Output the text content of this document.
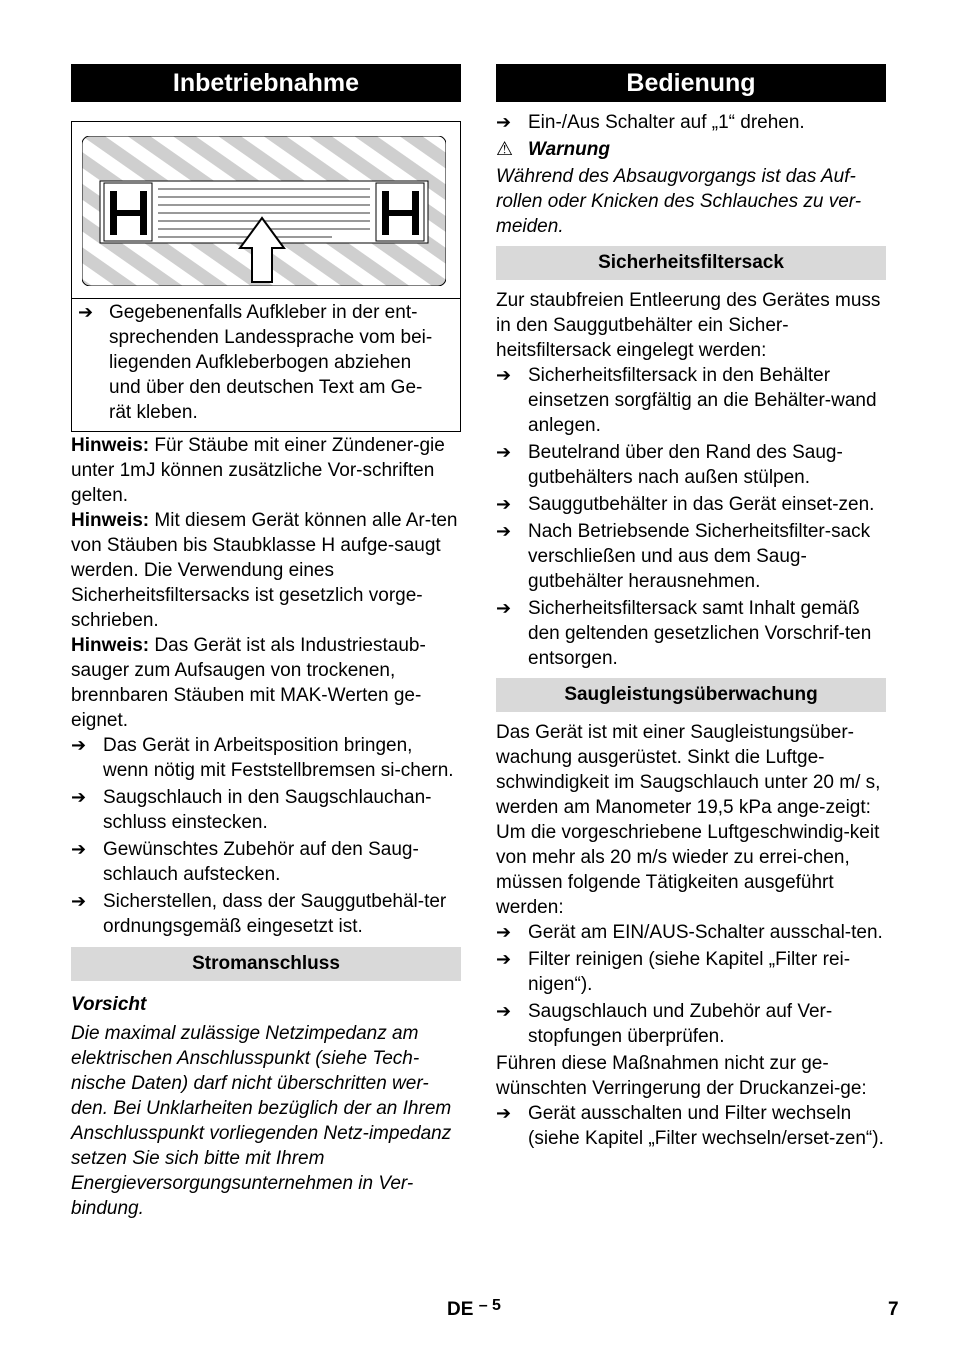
Inbetriebnahme
➔ Gegebenenfalls Aufkleber in der ent-
sprechenden Landessprache vom bei-
liegenden Aufkleberbogen abziehen
und über den deutschen Text am Ge-
rät kleben.

Hinweis: Für Stäube mit einer Zündener-gie unter 1mJ können zusätzliche Vor-schriften gelten.

Hinweis: Mit diesem Gerät können alle Ar-ten von Stäuben bis Staubklasse H aufge-saugt werden. Die Verwendung eines Sicherheitsfiltersacks ist gesetzlich vorge-schrieben.

Hinweis: Das Gerät ist als Industriestaub-sauger zum Aufsaugen von trockenen, brennbaren Stäuben mit MAK-Werten ge-eignet.

➔ Das Gerät in Arbeitsposition bringen, wenn nötig mit Feststellbremsen si-chern.
➔ Saugschlauch in den Saugschlauchan-schluss einstecken.
➔ Gewünschtes Zubehör auf den Saug-schlauch aufstecken.
➔ Sicherstellen, dass der Sauggutbehäl-ter ordnungsgemäß eingesetzt ist.
Stromanschluss

Vorsicht

Die maximal zulässige Netzimpedanz am elektrischen Anschlusspunkt (siehe Tech-nische Daten) darf nicht überschritten wer-den. Bei Unklarheiten bezüglich der an Ihrem Anschlusspunkt vorliegenden Netz-impedanz setzen Sie sich bitte mit Ihrem Energieversorgungsunternehmen in Ver-bindung.

Bedienung
➔ Ein-/Aus Schalter auf „1“ drehen.
⚠ Warnung

Während des Absaugvorgangs ist das Auf-rollen oder Knicken des Schlauches zu ver-meiden.

Sicherheitsfiltersack

Zur staubfreien Entleerung des Gerätes muss in den Sauggutbehälter ein Sicher-heitsfiltersack eingelegt werden:

➔ Sicherheitsfiltersack in den Behälter einsetzen sorgfältig an die Behälter-wand anlegen.
➔ Beutelrand über den Rand des Saug-gutbehälters nach außen stülpen.
➔ Sauggutbehälter in das Gerät einset-zen.
➔ Nach Betriebsende Sicherheitsfilter-sack verschließen und aus dem Saug-gutbehälter herausnehmen.
➔ Sicherheitsfiltersack samt Inhalt gemäß den geltenden gesetzlichen Vorschrif-ten entsorgen.
Saugleistungsüberwachung

Das Gerät ist mit einer Saugleistungsüber-wachung ausgerüstet. Sinkt die Luftge-schwindigkeit im Saugschlauch unter 20 m/ s, werden am Manometer 19,5 kPa ange-zeigt:

Um die vorgeschriebene Luftgeschwindig-keit von mehr als 20 m/s wieder zu errei-chen, müssen folgende Tätigkeiten ausgeführt werden:

➔ Gerät am EIN/AUS-Schalter ausschal-ten.
➔ Filter reinigen (siehe Kapitel „Filter rei-nigen“).
➔ Saugschlauch und Zubehör auf Ver-stopfungen überprüfen.

Führen diese Maßnahmen nicht zur ge-wünschten Verringerung der Druckanzei-ge:

➔ Gerät ausschalten und Filter wechseln (siehe Kapitel „Filter wechseln/erset-zen“).
DE $^{- 5}$	7
